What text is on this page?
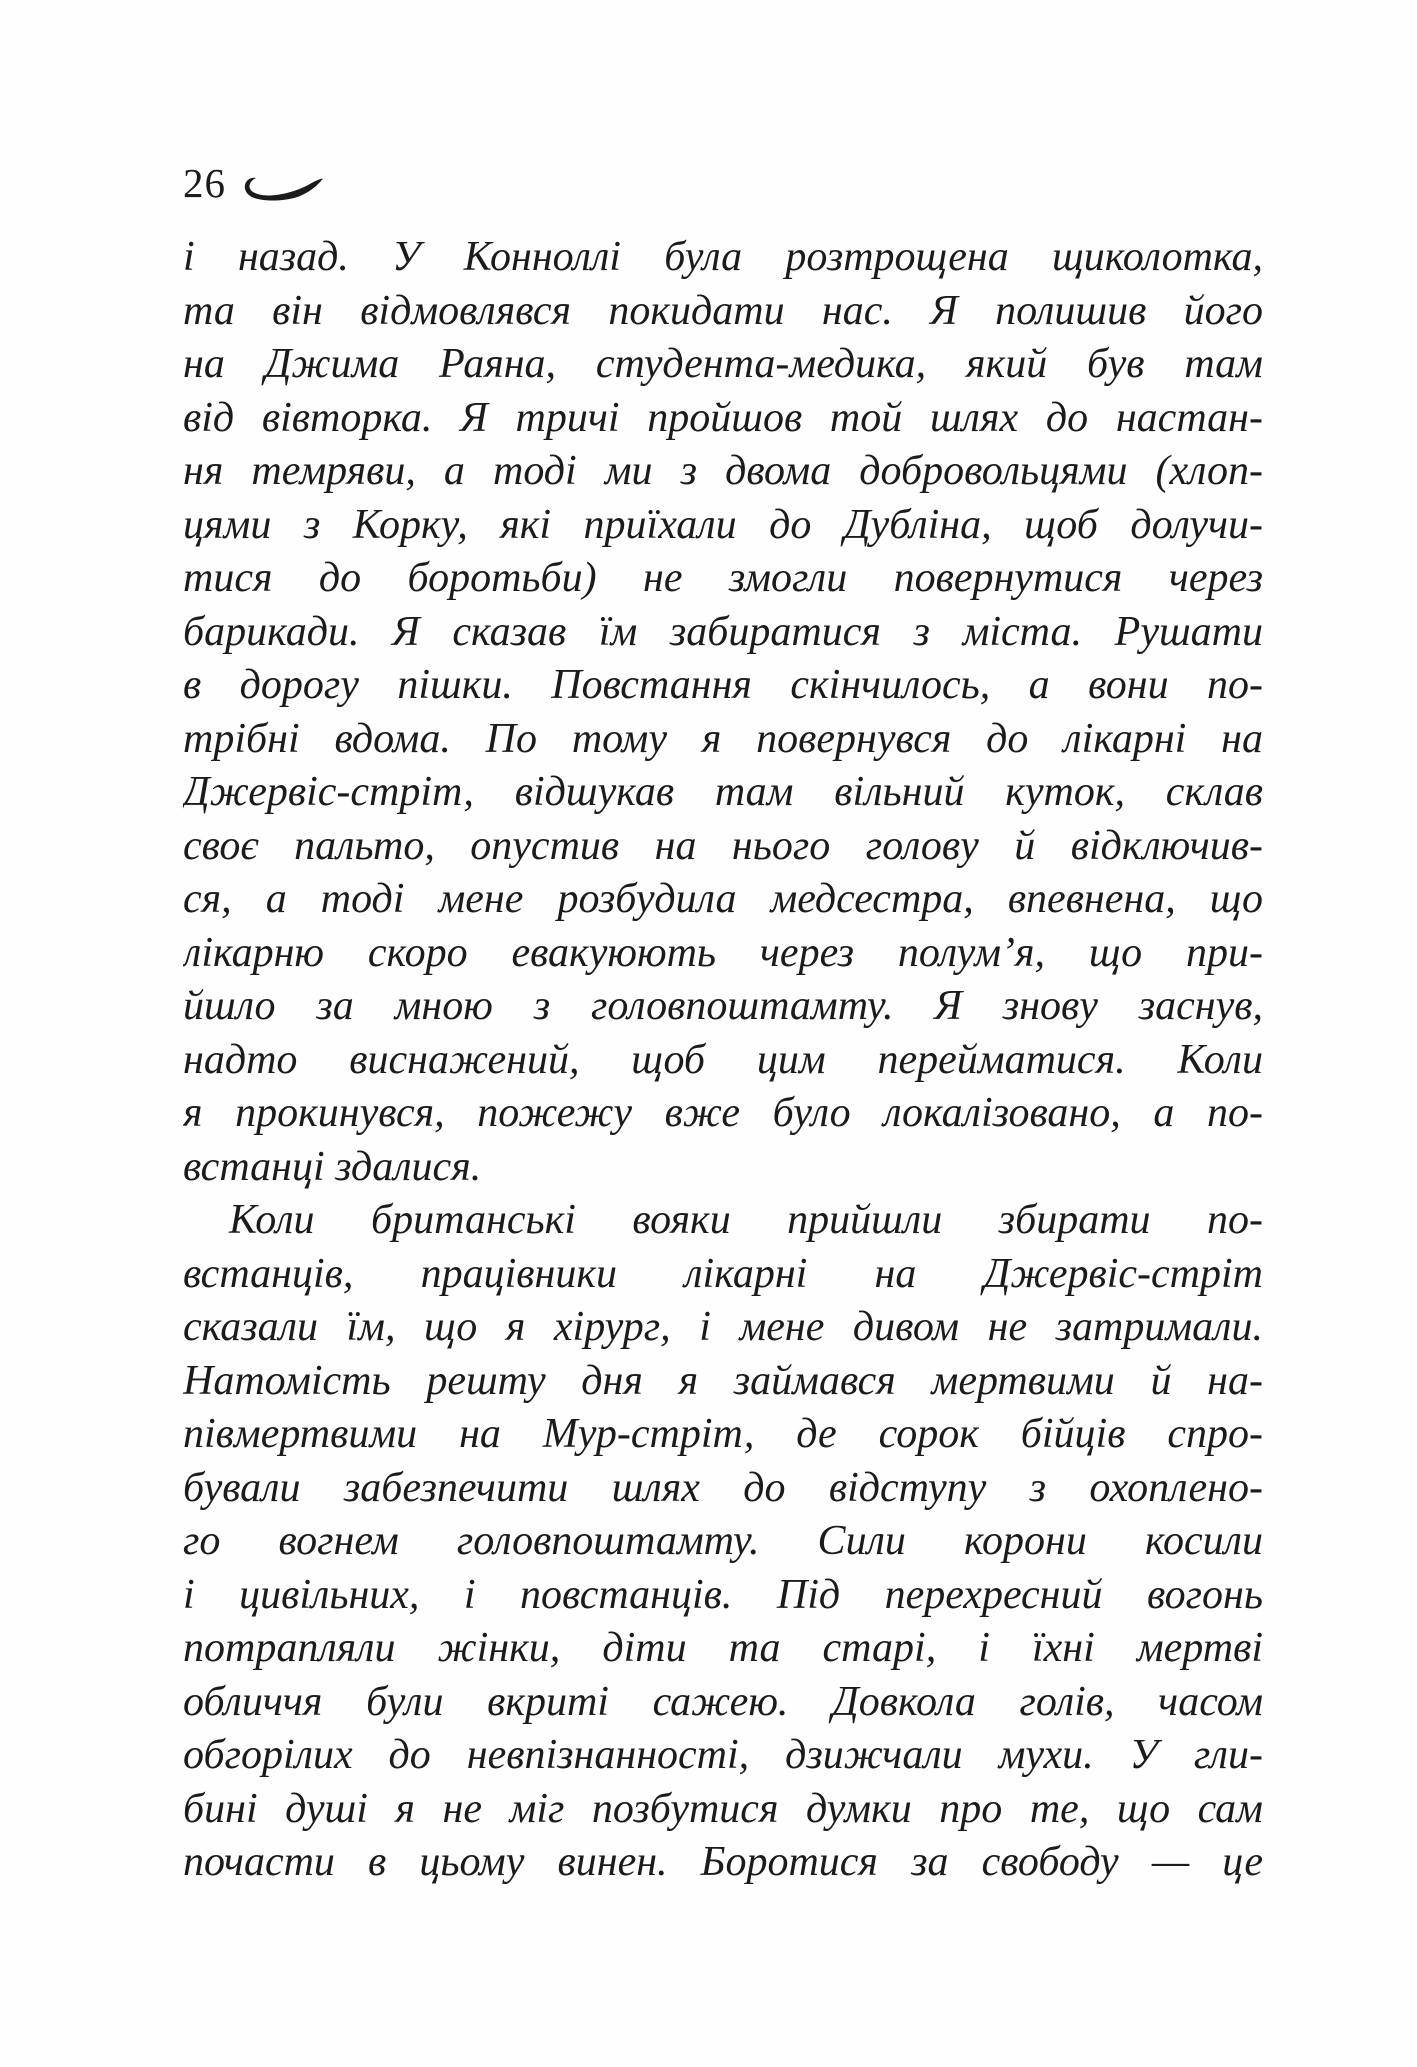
26
і назад. У Конноллі була розтрощена щиколотка,
та він відмовлявся покидати нас. Я полишив його
на Джима Раяна, студента-медика, який був там
від вівторка. Я тричі пройшов той шлях до настан-
ня темряви, а тоді ми з двома добровольцями (хлоп-
цями з Корку, які приїхали до Дубліна, щоб долучи-
тися до боротьби) не змогли повернутися через
барикади. Я сказав їм забиратися з міста. Рушати
в дорогу пішки. Повстання скінчилось, а вони по-
трібні вдома. По тому я повернувся до лікарні на
Джервіс-стріт, відшукав там вільний куток, склав
своє пальто, опустив на нього голову й відключив-
ся, а тоді мене розбудила медсестра, впевнена, що
лікарню скоро евакуюють через полум’я, що при-
йшло за мною з головпоштамту. Я знову заснув,
надто виснажений, щоб цим перейматися. Коли
я прокинувся, пожежу вже було локалізовано, а по-
встанці здалися.
Коли британські вояки прийшли збирати по-
встанців, працівники лікарні на Джервіс-стріт
сказали їм, що я хірург, і мене дивом не затримали.
Натомість решту дня я займався мертвими й на-
півмертвими на Мур-стріт, де сорок бійців спро-
бували забезпечити шлях до відступу з охоплено-
го вогнем головпоштамту. Сили корони косили
і цивільних, і повстанців. Під перехресний вогонь
потрапляли жінки, діти та старі, і їхні мертві
обличчя були вкриті сажею. Довкола голів, часом
обгорілих до невпізнанності, дзижчали мухи. У гли-
бині душі я не міг позбутися думки про те, що сам
почасти в цьому винен. Боротися за свободу — це
